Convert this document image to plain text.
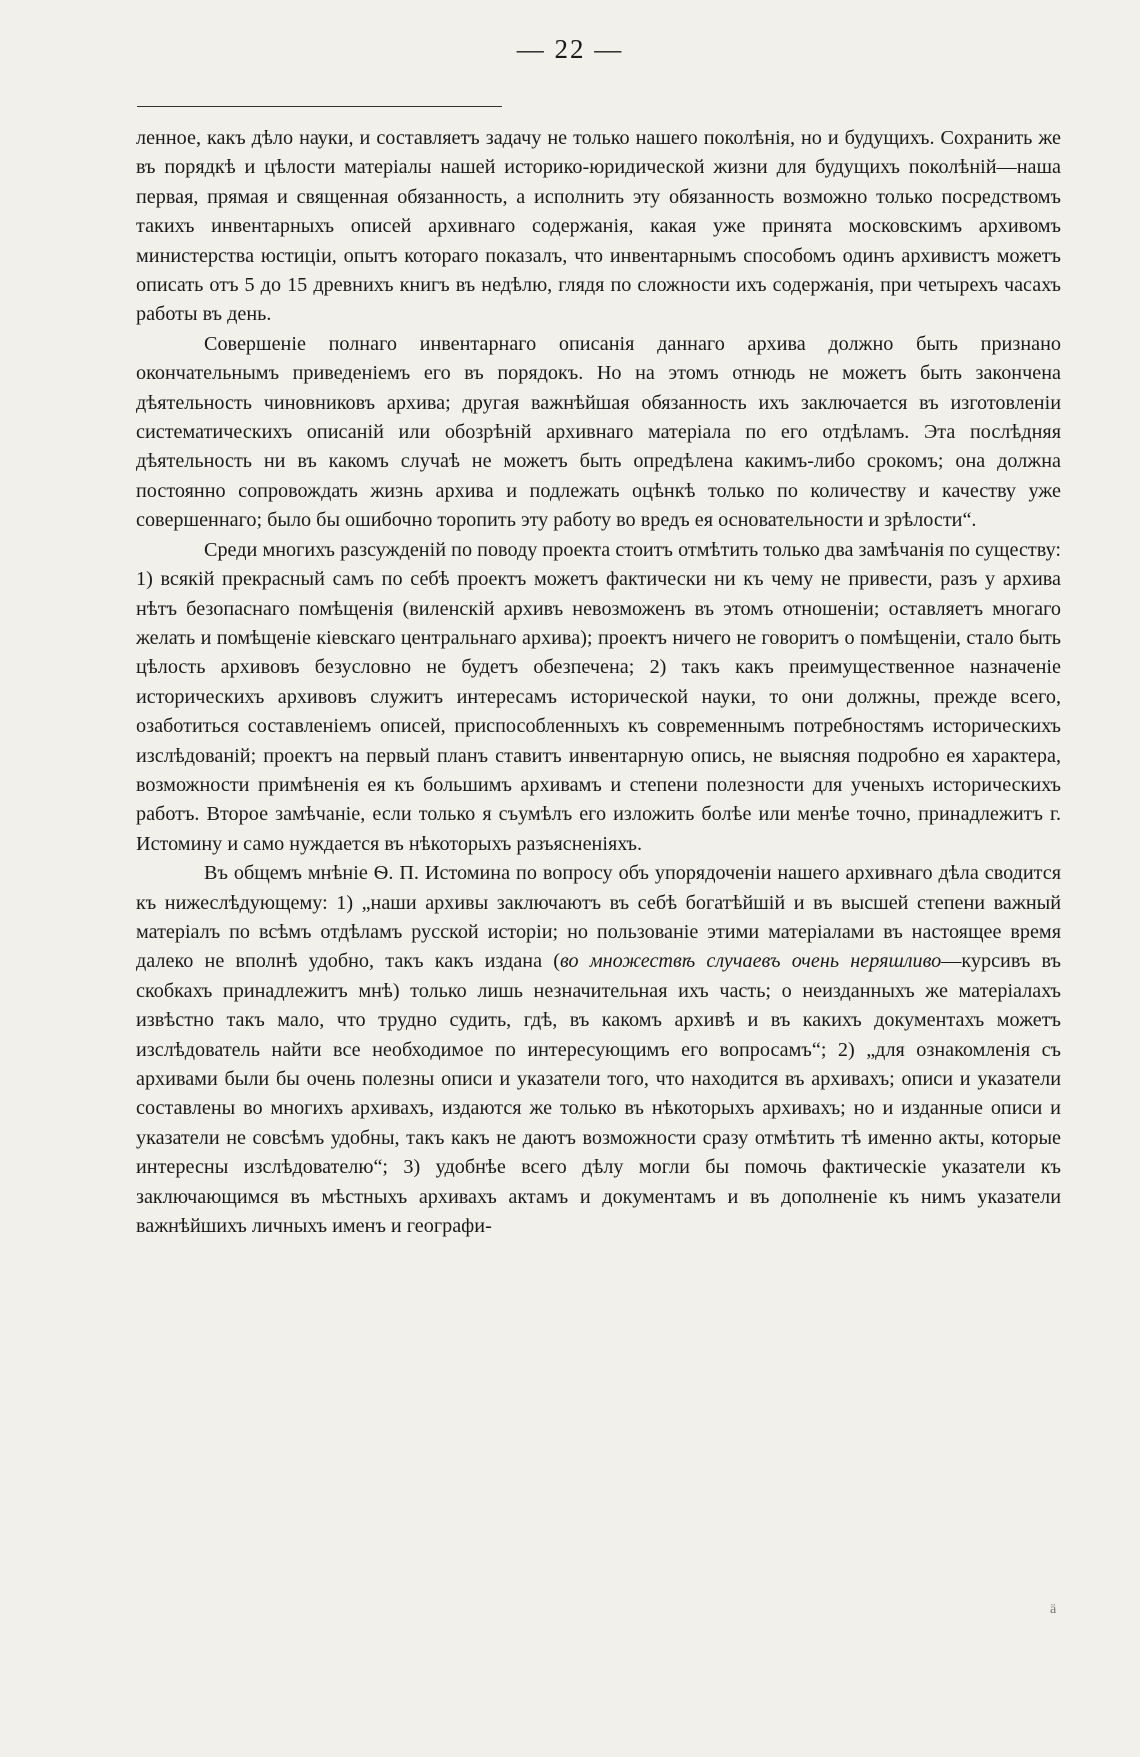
— 22 —

ленное, какъ дѣло науки, и составляетъ задачу не только нашего поколѣнія, но и будущихъ. Сохранить же въ порядкѣ и цѣлости матеріалы нашей историко-юридической жизни для будущихъ поколѣній—наша первая, прямая и священная обязанность, а исполнить эту обязанность возможно только посредствомъ такихъ инвентарныхъ описей архивнаго содержанія, какая уже принята московскимъ архивомъ министерства юстиціи, опытъ котораго показалъ, что инвентарнымъ способомъ одинъ архивистъ можетъ описать отъ 5 до 15 древнихъ книгъ въ недѣлю, глядя по сложности ихъ содержанія, при четырехъ часахъ работы въ день.

Совершеніе полнаго инвентарнаго описанія даннаго архива должно быть признано окончательнымъ приведеніемъ его въ порядокъ. Но на этомъ отнюдь не можетъ быть закончена дѣятельность чиновниковъ архива; другая важнѣйшая обязанность ихъ заключается въ изготовленіи систематическихъ описаній или обозрѣній архивнаго матеріала по его отдѣламъ. Эта послѣдняя дѣятельность ни въ какомъ случаѣ не можетъ быть опредѣлена какимъ-либо срокомъ; она должна постоянно сопровождать жизнь архива и подлежать оцѣнкѣ только по количеству и качеству уже совершеннаго; было бы ошибочно торопить эту работу во вредъ ея основательности и зрѣлости“.

Среди многихъ разсужденій по поводу проекта стоитъ отмѣтить только два замѣчанія по существу: 1) всякій прекрасный самъ по себѣ проектъ можетъ фактически ни къ чему не привести, разъ у архива нѣтъ безопаснаго помѣщенія (виленскій архивъ невозможенъ въ этомъ отношеніи; оставляетъ многаго желать и помѣщеніе кіевскаго центральнаго архива); проектъ ничего не говоритъ о помѣщеніи, стало быть цѣлость архивовъ безусловно не будетъ обезпечена; 2) такъ какъ преимущественное назначеніе историческихъ архивовъ служитъ интересамъ исторической науки, то они должны, прежде всего, озаботиться составленіемъ описей, приспособленныхъ къ современнымъ потребностямъ историческихъ изслѣдованій; проектъ на первый планъ ставитъ инвентарную опись, не выясняя подробно ея характера, возможности примѣненія ея къ большимъ архивамъ и степени полезности для ученыхъ историческихъ работъ. Второе замѣчаніе, если только я съумѣлъ его изложить болѣе или менѣе точно, принадлежитъ г. Истомину и само нуждается въ нѣкоторыхъ разъясненіяхъ.

Въ общемъ мнѣніе Ѳ. П. Истомина по вопросу объ упорядоченіи нашего архивнаго дѣла сводится къ нижеслѣдующему: 1) „наши архивы заключаютъ въ себѣ богатѣйшій и въ высшей степени важный матеріалъ по всѣмъ отдѣламъ русской исторіи; но пользованіе этими матеріалами въ настоящее время далеко не вполнѣ удобно, такъ какъ издана (во множествѣ случаевъ очень неряшливо—курсивъ въ скобкахъ принадлежитъ мнѣ) только лишь незначительная ихъ часть; о неизданныхъ же матеріалахъ извѣстно такъ мало, что трудно судить, гдѣ, въ какомъ архивѣ и въ какихъ документахъ можетъ изслѣдователь найти все необходимое по интересующимъ его вопросамъ“; 2) „для ознакомленія съ архивами были бы очень полезны описи и указатели того, что находится въ архивахъ; описи и указатели составлены во многихъ архивахъ, издаются же только въ нѣкоторыхъ архивахъ; но и изданные описи и указатели не совсѣмъ удобны, такъ какъ не даютъ возможности сразу отмѣтить тѣ именно акты, которые интересны изслѣдователю“; 3) удобнѣе всего дѣлу могли бы помочь фактическіе указатели къ заключающимся въ мѣстныхъ архивахъ актамъ и документамъ и въ дополненіе къ нимъ указатели важнѣйшихъ личныхъ именъ и географи-

ä
